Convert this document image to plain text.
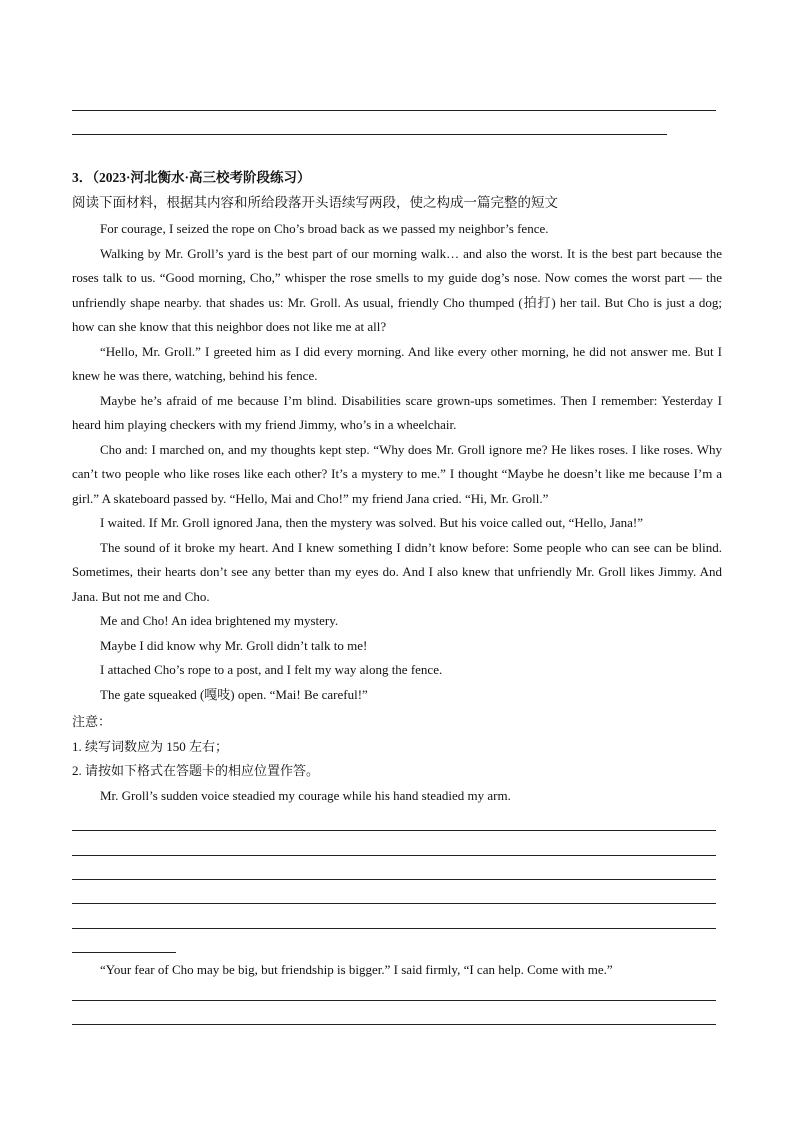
3．（2023·河北衡水·高三校考阶段练习）

阅读下面材料，根据其内容和所给段落开头语续写两段，使之构成一篇完整的短文

For courage, I seized the rope on Cho’s broad back as we passed my neighbor’s fence.

Walking by Mr. Groll’s yard is the best part of our morning walk… and also the worst. It is the best part because the roses talk to us. “Good morning, Cho,” whisper the rose smells to my guide dog’s nose. Now comes the worst part — the unfriendly shape nearby. that shades us: Mr. Groll. As usual, friendly Cho thumped (拍打) her tail. But Cho is just a dog; how can she know that this neighbor does not like me at all?

“Hello, Mr. Groll.” I greeted him as I did every morning. And like every other morning, he did not answer me. But I knew he was there, watching, behind his fence.

Maybe he’s afraid of me because I’m blind. Disabilities scare grown-ups sometimes. Then I remember: Yesterday I heard him playing checkers with my friend Jimmy, who’s in a wheelchair.

Cho and: I marched on, and my thoughts kept step. “Why does Mr. Groll ignore me? He likes roses. I like roses. Why can’t two people who like roses like each other? It’s a mystery to me.” I thought “Maybe he doesn’t like me because I’m a girl.” A skateboard passed by. “Hello, Mai and Cho!” my friend Jana cried. “Hi, Mr. Groll.”

I waited. If Mr. Groll ignored Jana, then the mystery was solved. But his voice called out, “Hello, Jana!”

The sound of it broke my heart. And I knew something I didn’t know before: Some people who can see can be blind. Sometimes, their hearts don’t see any better than my eyes do. And I also knew that unfriendly Mr. Groll likes Jimmy. And Jana. But not me and Cho.

Me and Cho! An idea brightened my mystery.

Maybe I did know why Mr. Groll didn’t talk to me!

I attached Cho’s rope to a post, and I felt my way along the fence.

The gate squeaked (嘎吱) open. “Mai! Be careful!”

注意：

1. 续写词数应为 150 左右；

2. 请按如下格式在答题卡的相应位置作答。

Mr. Groll’s sudden voice steadied my courage while his hand steadied my arm.

“Your fear of Cho may be big, but friendship is bigger.” I said firmly, “I can help. Come with me.”
